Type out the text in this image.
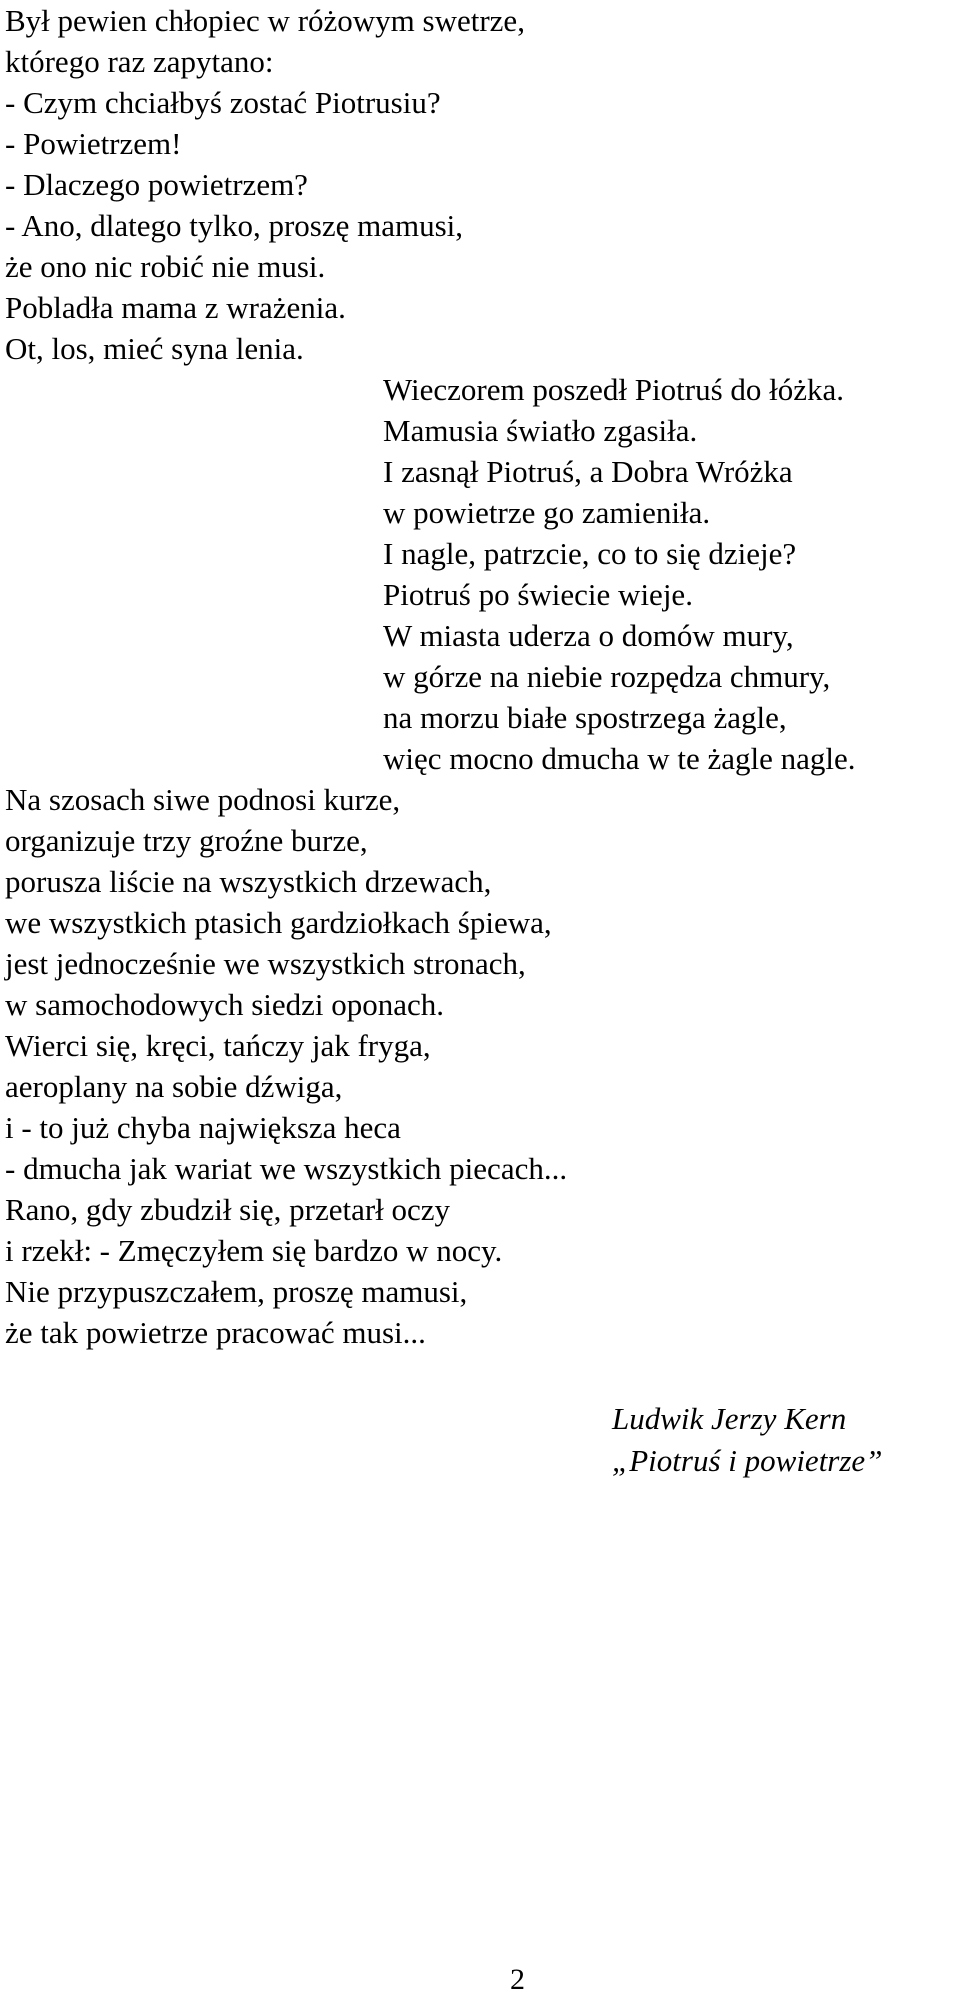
Był pewien chłopiec w różowym swetrze,
którego raz zapytano:
- Czym chciałbyś zostać Piotrusiu?
- Powietrzem!
- Dlaczego powietrzem?
- Ano, dlatego tylko, proszę mamusi,
że ono nic robić nie musi.
Pobladła mama z wrażenia.
Ot, los, mieć syna lenia.
Wieczorem poszedł Piotruś do łóżka.
Mamusia światło zgasiła.
I zasnął Piotruś, a Dobra Wróżka
w powietrze go zamieniła.
I nagle, patrzcie, co to się dzieje?
Piotruś po świecie wieje.
W miasta uderza o domów mury,
w górze na niebie rozpędza chmury,
na morzu białe spostrzega żagle,
więc mocno dmucha w te żagle nagle.
Na szosach siwe podnosi kurze,
organizuje trzy groźne burze,
porusza liście na wszystkich drzewach,
we wszystkich ptasich gardziołkach śpiewa,
jest jednocześnie we wszystkich stronach,
w samochodowych siedzi oponach.
Wierci się, kręci, tańczy jak fryga,
aeroplany na sobie dźwiga,
i - to już chyba największa heca
- dmucha jak wariat we wszystkich piecach...
Rano, gdy zbudził się, przetarł oczy
i rzekł: - Zmęczyłem się bardzo w nocy.
Nie przypuszczałem, proszę mamusi,
że tak powietrze pracować musi...
Ludwik Jerzy Kern
„Piotruś i powietrze”
2
